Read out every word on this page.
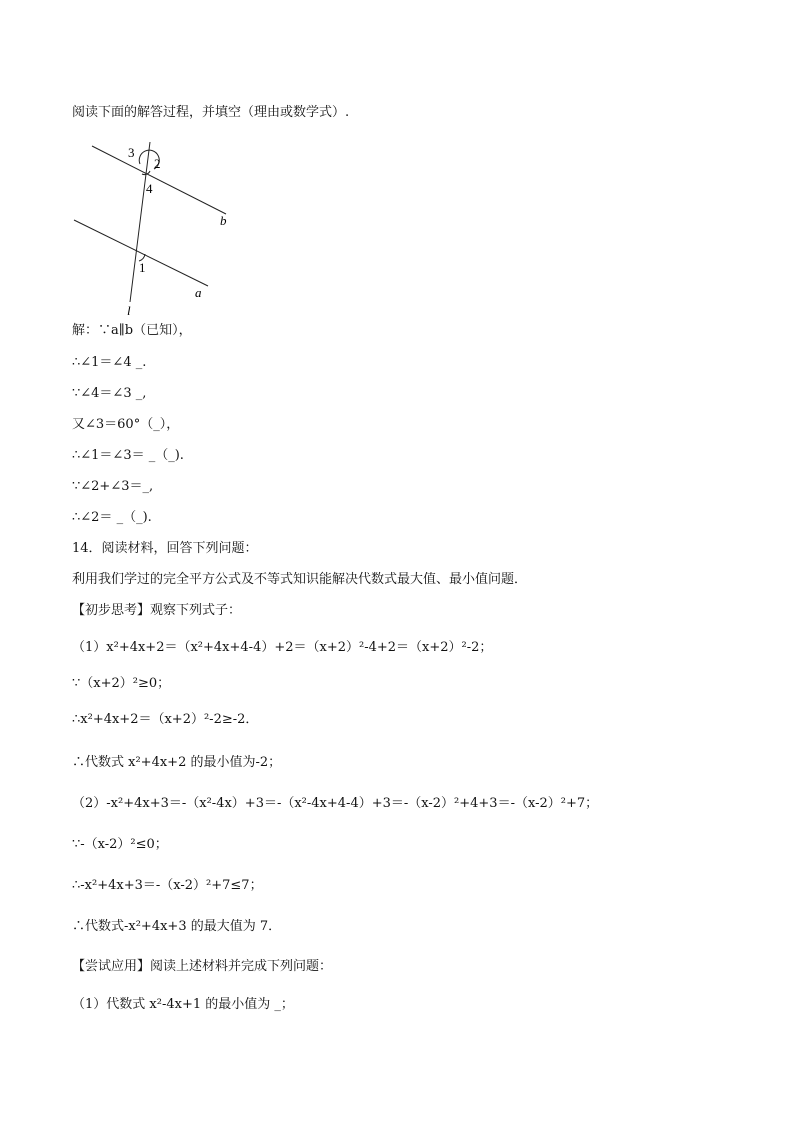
阅读下面的解答过程，并填空（理由或数学式）.
3
2
4
1
b
a
l
解：∵a∥b（已知），
∴∠1＝∠4 _.
∵∠4＝∠3 _,
又∠3＝60°（_），
∴∠1＝∠3＝ _（_).
∵∠2+∠3＝_,
∴∠2＝ _（_).
14．阅读材料，回答下列问题：
利用我们学过的完全平方公式及不等式知识能解决代数式最大值、最小值问题．
【初步思考】观察下列式子：
（1）x²+4x+2＝（x²+4x+4-4）+2＝（x+2）²-4+2＝（x+2）²-2；
∵（x+2）²≥0；
∴x²+4x+2＝（x+2）²-2≥-2．
∴代数式 x²+4x+2 的最小值为-2；
（2）-x²+4x+3＝-（x²-4x）+3＝-（x²-4x+4-4）+3＝-（x-2）²+4+3＝-（x-2）²+7；
∵-（x-2）²≤0；
∴-x²+4x+3＝-（x-2）²+7≤7；
∴代数式-x²+4x+3 的最大值为 7．
【尝试应用】阅读上述材料并完成下列问题：
（1）代数式 x²-4x+1 的最小值为 _；
